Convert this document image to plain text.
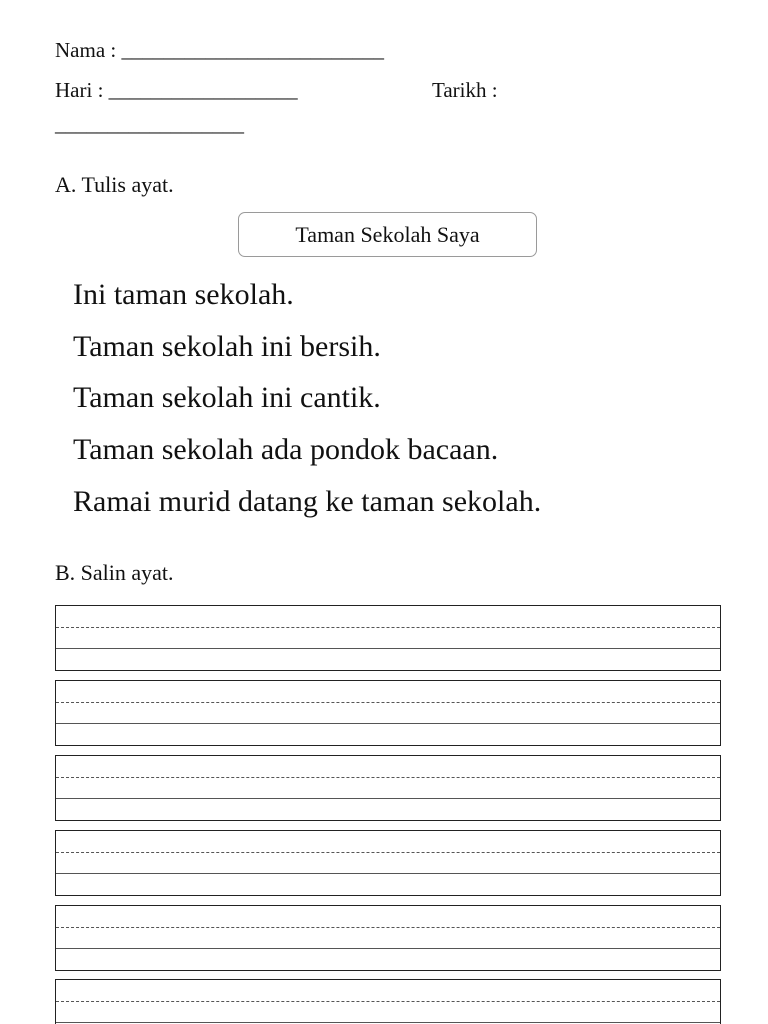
Nama : _________________________
Hari : __________________	Tarikh :
__________________
A. Tulis ayat.
Taman Sekolah Saya
Ini taman sekolah.
Taman sekolah ini bersih.
Taman sekolah ini cantik.
Taman sekolah ada pondok bacaan.
Ramai murid datang ke taman sekolah.
B. Salin ayat.
